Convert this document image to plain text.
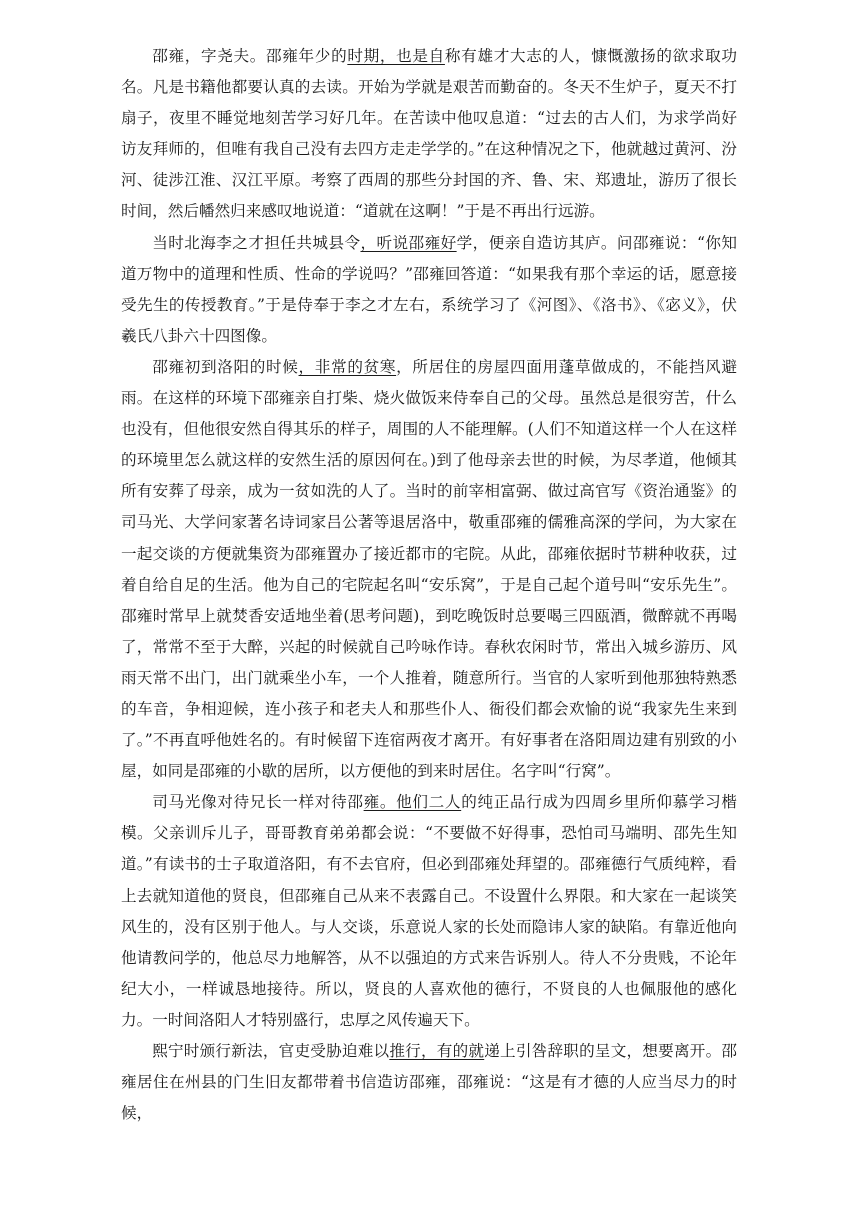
邵雍，字尧夫。邵雍年少的时期，也是自称有雄才大志的人，慷慨激扬的欲求取功名。凡是书籍他都要认真的去读。开始为学就是艰苦而勤奋的。冬天不生炉子，夏天不打扇子，夜里不睡觉地刻苦学习好几年。在苦读中他叹息道：“过去的古人们，为求学尚好访友拜师的，但唯有我自己没有去四方走走学学的。”在这种情况之下，他就越过黄河、汾河、徒涉江淮、汉江平原。考察了西周的那些分封国的齐、鲁、宋、郑遗址，游历了很长时间，然后幡然归来感叹地说道：“道就在这啊！”于是不再出行远游。

当时北海李之才担任共城县令，听说邵雍好学，便亲自造访其庐。问邵雍说：“你知道万物中的道理和性质、性命的学说吗？”邵雍回答道：“如果我有那个幸运的话，愿意接受先生的传授教育。”于是侍奉于李之才左右，系统学习了《河图》、《洛书》、《宓义》，伏羲氏八卦六十四图像。

邵雍初到洛阳的时候，非常的贫寒，所居住的房屋四面用蓬草做成的，不能挡风避雨。在这样的环境下邵雍亲自打柴、烧火做饭来侍奉自己的父母。虽然总是很穷苦，什么也没有，但他很安然自得其乐的样子，周围的人不能理解。(人们不知道这样一个人在这样的环境里怎么就这样的安然生活的原因何在。)到了他母亲去世的时候，为尽孝道，他倾其所有安葬了母亲，成为一贫如洗的人了。当时的前宰相富弼、做过高官写《资治通鉴》的司马光、大学问家著名诗词家吕公著等退居洛中，敬重邵雍的儒雅高深的学问，为大家在一起交谈的方便就集资为邵雍置办了接近都市的宅院。从此，邵雍依据时节耕种收获，过着自给自足的生活。他为自己的宅院起名叫“安乐窝”，于是自己起个道号叫“安乐先生”。邵雍时常早上就焚香安适地坐着(思考问题)，到吃晚饭时总要喝三四瓯酒，微醉就不再喝了，常常不至于大醉，兴起的时候就自己吟咏作诗。春秋农闲时节，常出入城乡游历、风雨天常不出门，出门就乘坐小车，一个人推着，随意所行。当官的人家听到他那独特熟悉的车音，争相迎候，连小孩子和老夫人和那些仆人、衙役们都会欢愉的说“我家先生来到了。”不再直呼他姓名的。有时候留下连宿两夜才离开。有好事者在洛阳周边建有别致的小屋，如同是邵雍的小歇的居所，以方便他的到来时居住。名字叫“行窝”。

司马光像对待兄长一样对待邵雍。他们二人的纯正品行成为四周乡里所仰慕学习楷模。父亲训斥儿子，哥哥教育弟弟都会说：“不要做不好得事，恐怕司马端明、邵先生知道。”有读书的士子取道洛阳，有不去官府，但必到邵雍处拜望的。邵雍德行气质纯粹，看上去就知道他的贤良，但邵雍自己从来不表露自己。不设置什么界限。和大家在一起谈笑风生的，没有区别于他人。与人交谈，乐意说人家的长处而隐讳人家的缺陷。有靠近他向他请教问学的，他总尽力地解答，从不以强迫的方式来告诉别人。待人不分贵贱，不论年纪大小，一样诚恳地接待。所以，贤良的人喜欢他的德行，不贤良的人也佩服他的感化力。一时间洛阳人才特别盛行，忠厚之风传遍天下。

熙宁时颁行新法，官吏受胁迫难以推行，有的就递上引咎辞职的呈文，想要离开。邵雍居住在州县的门生旧友都带着书信造访邵雍，邵雍说：“这是有才德的人应当尽力的时候，
